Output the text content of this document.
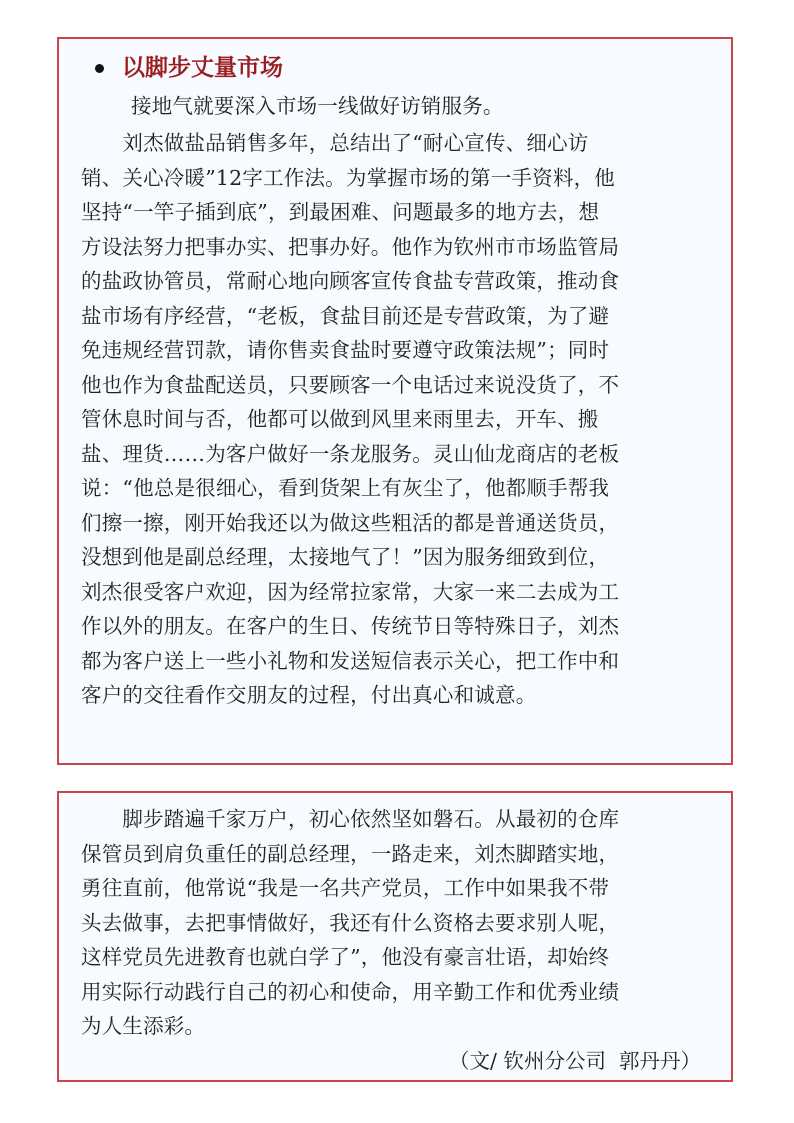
以脚步丈量市场

接地气就要深入市场一线做好访销服务。

　　刘杰做盐品销售多年，总结出了“耐心宣传、细心访
销、关心冷暖”12字工作法。为掌握市场的第一手资料，他
坚持“一竿子插到底”，到最困难、问题最多的地方去，想
方设法努力把事办实、把事办好。他作为钦州市市场监管局
的盐政协管员，常耐心地向顾客宣传食盐专营政策，推动食
盐市场有序经营，“老板，食盐目前还是专营政策，为了避
免违规经营罚款，请你售卖食盐时要遵守政策法规”；同时
他也作为食盐配送员，只要顾客一个电话过来说没货了，不
管休息时间与否，他都可以做到风里来雨里去，开车、搬
盐、理货……为客户做好一条龙服务。灵山仙龙商店的老板
说：“他总是很细心，看到货架上有灰尘了，他都顺手帮我
们擦一擦，刚开始我还以为做这些粗活的都是普通送货员，
没想到他是副总经理，太接地气了！”因为服务细致到位，
刘杰很受客户欢迎，因为经常拉家常，大家一来二去成为工
作以外的朋友。在客户的生日、传统节日等特殊日子，刘杰
都为客户送上一些小礼物和发送短信表示关心，把工作中和
客户的交往看作交朋友的过程，付出真心和诚意。

　　脚步踏遍千家万户，初心依然坚如磐石。从最初的仓库
保管员到肩负重任的副总经理，一路走来，刘杰脚踏实地，
勇往直前，他常说“我是一名共产党员，工作中如果我不带
头去做事，去把事情做好，我还有什么资格去要求别人呢，
这样党员先进教育也就白学了”，他没有豪言壮语，却始终
用实际行动践行自己的初心和使命，用辛勤工作和优秀业绩
为人生添彩。

（文/ 钦州分公司  郭丹丹）
